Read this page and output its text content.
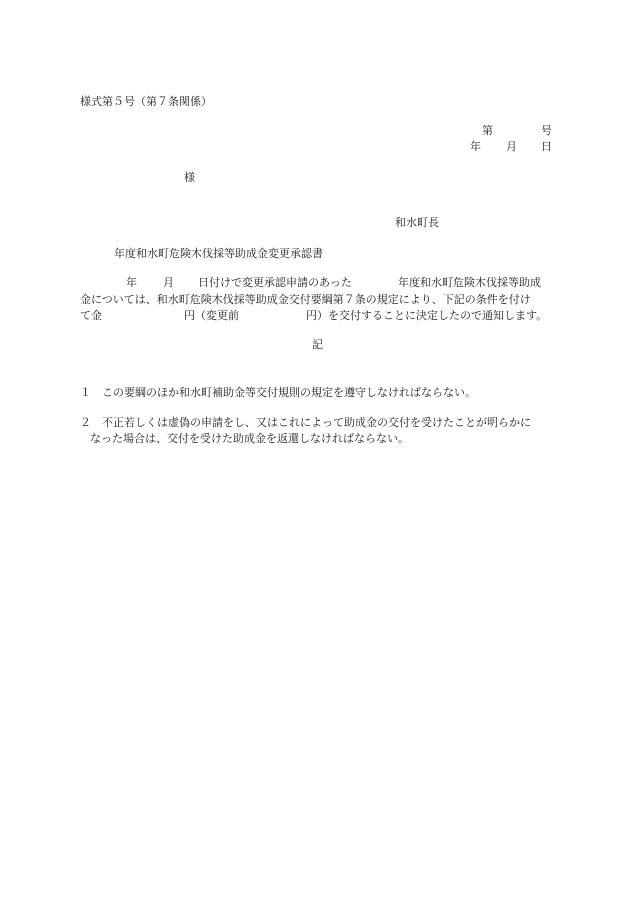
様式第５号（第７条関係）
第	号
年 月 日
様
和水町長
年度和水町危険木伐採等助成金変更承認書
年 月 日付けで変更承認申請のあった	年度和水町危険木伐採等助成
金については、和水町危険木伐採等助成金交付要綱第７条の規定により、下記の条件を付け
て金	円（変更前	円）を交付することに決定したので通知します。
記
１ この要綱のほか和水町補助金等交付規則の規定を遵守しなければならない。
２ 不正若しくは虚偽の申請をし、又はこれによって助成金の交付を受けたことが明らかに
なった場合は、交付を受けた助成金を返還しなければならない。
